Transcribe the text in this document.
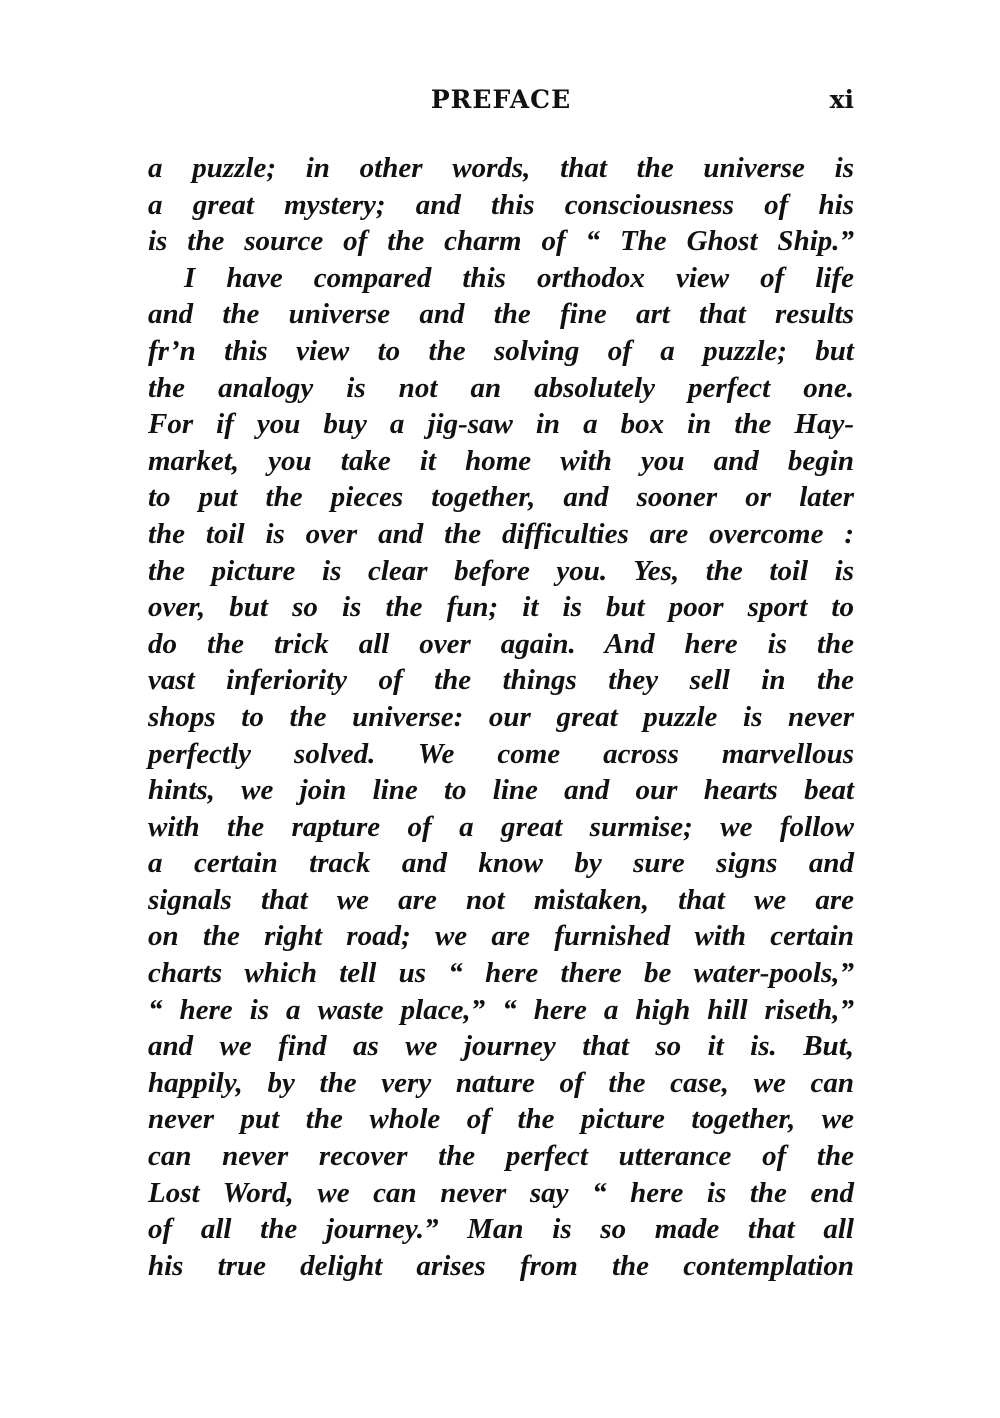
PREFACE	xi
a puzzle; in other words, that the universe is
a great mystery; and this consciousness of his
is the source of the charm of “ The Ghost Ship.”
I have compared this orthodox view of life
and the universe and the fine art that results
fr’n this view to the solving of a puzzle; but
the analogy is not an absolutely perfect one.
For if you buy a jig-saw in a box in the Hay-
market, you take it home with you and begin
to put the pieces together, and sooner or later
the toil is over and the difficulties are overcome :
the picture is clear before you. Yes, the toil is
over, but so is the fun; it is but poor sport to
do the trick all over again. And here is the
vast inferiority of the things they sell in the
shops to the universe: our great puzzle is never
perfectly solved. We come across marvellous
hints, we join line to line and our hearts beat
with the rapture of a great surmise; we follow
a certain track and know by sure signs and
signals that we are not mistaken, that we are
on the right road; we are furnished with certain
charts which tell us “ here there be water-pools,”
“ here is a waste place,” “ here a high hill riseth,”
and we find as we journey that so it is. But,
happily, by the very nature of the case, we can
never put the whole of the picture together, we
can never recover the perfect utterance of the
Lost Word, we can never say “ here is the end
of all the journey.” Man is so made that all
his true delight arises from the contemplation
